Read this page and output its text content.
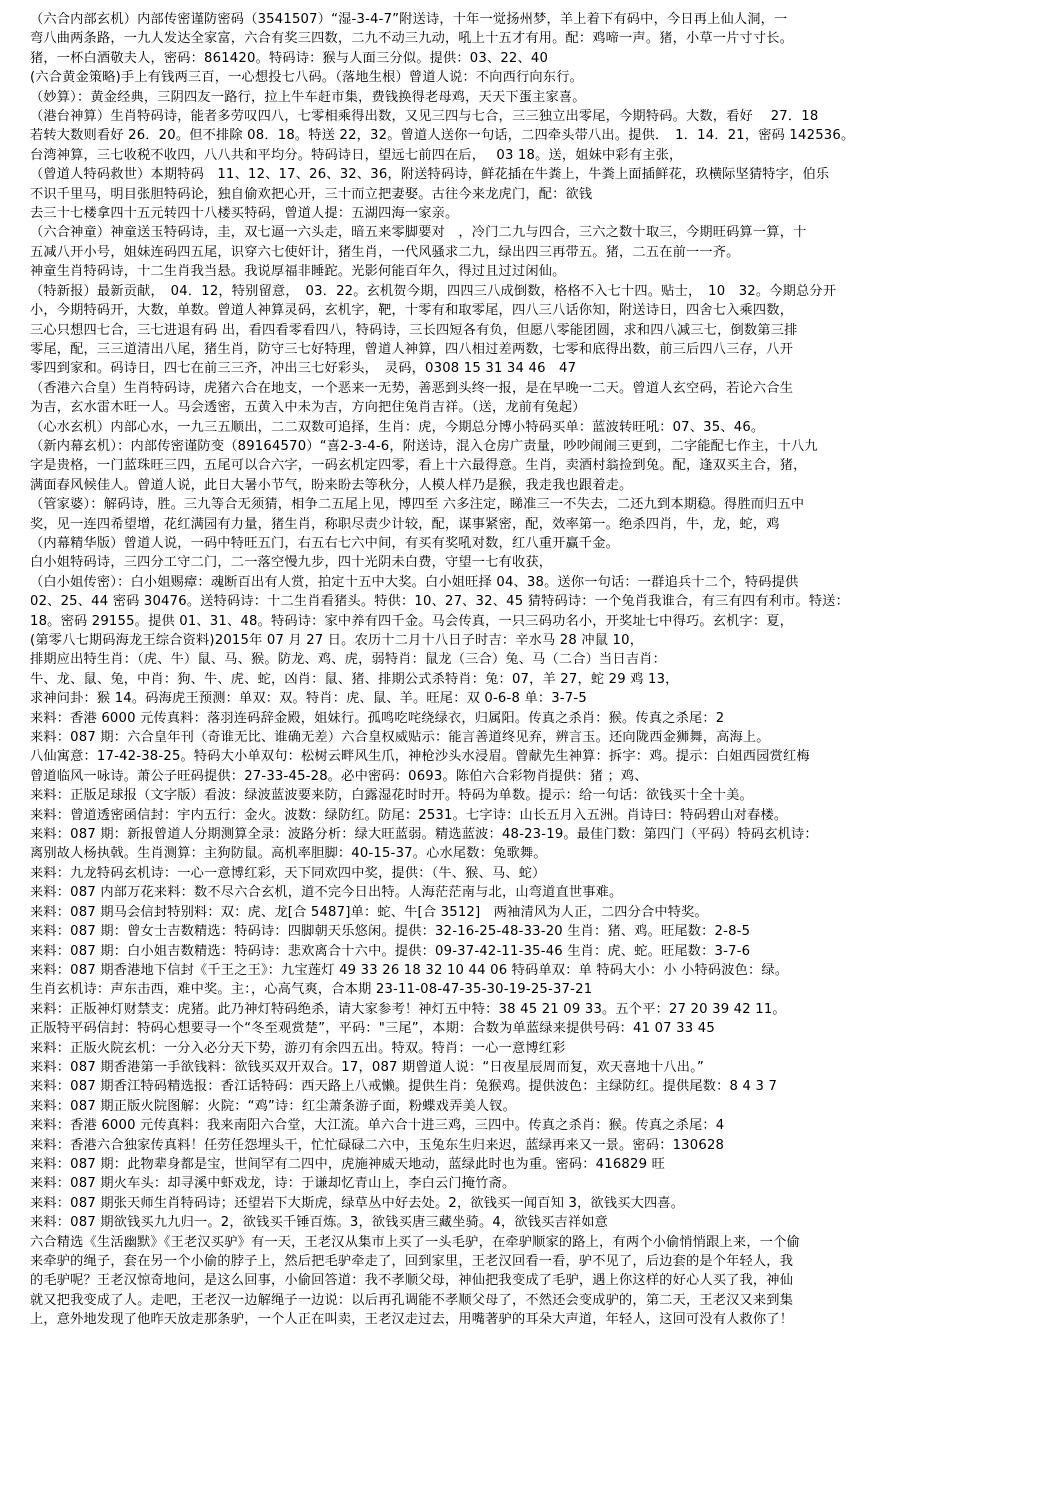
（六合内部玄机）内部传密谨防密码（3541507）“湿-3-4-7”附送诗，十年一觉扬州梦，羊上着下有码中，今日再上仙人洞，一
弯八曲两条路，一九人发达全家富，六合有奖三四数，二九不动三九动，吼上十五才有用。配：鸡啼一声。猪，小草一片寸寸长。
猪，一杯白酒敬夫人，密码：861420。特码诗：猴与人面三分似。提供：03、22、40
(六合黄金策略)手上有钱两三百，一心想投七八码。（落地生根）曾道人说：不向西行向东行。
（妙算）：黄金经典，三阴四友一路行，拉上牛车赶市集，费钱换得老母鸡，天天下蛋主家喜。
（港台神算）生肖特码诗，能者多劳叹四八，七零相乘得出数，又见三四与七合，三三独立出零尾，今期特码。大数，看好　 27．18
若转大数则看好 26．20。但不排除 08．18。特送 22，32。曾道人送你一句话，二四牵头带八出。提供．　1．14．21，密码 142536。
台湾神算，三七收税不收四，八八共和平均分。特码诗日，望远七前四在后，　 03 18。送，姐妹中彩有主张，
（曾道人特码救世）本期特码　11、12、17、26、32、36，附送特码诗，鲜花插在牛粪上，牛粪上面插鲜花，玖横际坚猜特字，伯乐
不识千里马，明目张胆特码论，独自偷欢把心开，三十而立把妻娶。古往今来龙虎门，配：欲钱
去三十七楼拿四十五元转四十八楼买特码，曾道人提：五湖四海一家亲。
（六合神童）神童送玉特码诗，圭，双七逼一六头走，暗五来零脚要对　，冷门二九与四合，三六之数十取三，今期旺码算一算，十
五减八开小号，姐妹连码四五尾，识穿六七使奸计，猪生肖，一代风骚求二九，绿出四三再带五。猪，二五在前一一齐。
神童生肖特码诗，十二生肖我当悬。我说厚福非睡跎。光影何能百年久，得过且过过闲仙。
（特新报）最新贡献，　04．12，特别留意，　03．22。玄机贺今期，四四三八成倒数，格格不入七十四。贴士，　10　32。今期总分开
小，今期特码开，大数，单数。曾道人神算灵码，玄机字，靶，十零有和取零尾，四八三八话你知，附送诗日，四舍七入乘四数，
三心只想四七合，三七进退有码 出，看四看零看四八，特码诗，三长四短各有负，但愿八零能团圆，求和四八减三七，倒数第三排
零尾，配，三三道清出八尾，猪生肖，防守三七好特理，曾道人神算，四八相过差两数，七零和底得出数，前三后四八三存，八开
零四到家和。码诗日，四七在前三三齐，冲出三七好彩头，　灵码，0308 15 31 34 46　47
（香港六合皇）生肖特码诗，虎猪六合在地支，一个恶来一无势，善恶到头终一报，是在早晚一二天。曾道人玄空码，若论六合生
为吉，玄水雷木旺一人。马会透密，五黄入中未为吉，方向把住兔肖吉祥。（送，龙前有兔起）
（心水玄机）内部心水，一九三五顺出，二二双数可追择，生肖：虎，今期总分博小特码买单：蓝波转旺吼：07、35、46。
（新内幕玄机）：内部传密谨防变（89164570）“喜2-3-4-6，附送诗，混入仓房广责量，吵吵闹闹三更到，二字能配七作主，十八九
字是贵格，一门蓝珠旺三四，五尾可以合六字，一码玄机定四零，看上十六最得意。生肖，卖酒村翁捡到兔。配，逢双买主合，猪，
满面春风候佳人。曾道人说，此日大暑小节气，盼来盼去等秋分，人模人样乃是猴，我走我也跟着走。
（管家婆）：解码诗，胜。三九等合无须猜，相争二五尾上见，博四至 六多注定，睇准三一不失去，二还九到本期稳。得胜而归五中
奖，见一连四希望增，花红满园有力量，猪生肖，称职尽责少计较，配，谋事紧密，配，效率第一。绝杀四肖，牛，龙，蛇，鸡
（内幕精华版）曾道人说，一码中特旺五门，右五右七六中间，有买有奖吼对数，红八重开赢千金。
白小姐特码诗，三四分工守二门，二一落空慢九步，四十光阴未白费，守望一七有收获，
（白小姐传密）：白小姐赐瘴：魂断百出有人赏，拍定十五中大奖。白小姐旺择 04、38。送你一句话：一群追兵十二个，特码提供
02、25、44 密码 30476。送特码诗：十二生肖看猪头。特供：10、27、32、45 猜特码诗：一个兔肖我谁合，有三有四有利市。特送：
18。密码 29155。提供 01、31、48。特码诗：家中养有四千金。马会传真，一只三码功名小，开奖址七中得巧。玄机字：夏，
(第零八七期码海龙王综合资料)2015年 07 月 27 日。农历十二月十八日子时吉：辛水马 28 冲鼠 10，
排期应出特生肖：（虎、牛）鼠、马、猴。防龙、鸡、虎，弱特肖：鼠龙（三合）兔、马（二合）当日吉肖：
牛、龙、鼠、兔，中肖：狗、牛、虎、蛇，凶肖：鼠、猪、排期公式杀特肖：兔：07，羊 27，蛇 29 鸡 13，
求神问卦：猴 14。码海虎王预测：单双：双。特肖：虎、鼠、羊。旺尾：双 0-6-8 单：3-7-5
来料：香港 6000 元传真料：落羽连码辞金殿，姐妹行。孤鸣吃咤绕绿衣，归属阳。传真之杀肖：猴。传真之杀尾：2
来料：087 期：六合皇年刊（奇谁无比、谁确无差）六合皇权威贴示：能言善道终见弃，辨言玉。还向陇西金狮舞，高海上。
八仙寓意：17-42-38-25。特码大小单双句：松树云畔风生爪，神枪沙头水浸眉。曾献先生神算：拆字：鸡。提示：白姐西园赏红梅
曾道临风一咏诗。萧公子旺码提供：27-33-45-28。必中密码：0693。陈伯六合彩物肖提供：猪 ；鸡、
来料：正版足球报（文字版）看波：绿波蓝波要来防，白露湿花时时开。特码为单数。提示：给一句话：欲钱买十全十美。
来料：曾道透密函信封：宇内五行：金火。波数：绿防红。防尾：2531。七字诗：山长五月入五洲。肖诗曰：特码碧山对春楼。
来料：087 期：新报曾道人分期测算全录：波路分析：绿大旺蓝弱。精选蓝波：48-23-19。最佳门数：第四门（平码）特码玄机诗：
离别故人杨执戟。生肖测算：主狗防鼠。高机率胆脚：40-15-37。心水尾数：兔歌舞。
来料：九龙特码玄机诗：一心一意博红彩，天下同欢四中奖，提供：（牛、猴、马、蛇）
来料：087 内部万花来料：数不尽六合玄机，道不完今日出特。人海茫茫南与北，山弯道直世事难。
来料：087 期马会信封特别料：双：虎、龙[合 5487]单：蛇、牛[合 3512]　两袖清风为人正，二四分合中特奖。
来料：087 期：曾女士吉数精选：特码诗：四脚朝天乐悠闲。提供：32-16-25-48-33-20 生肖：猪、鸡。旺尾数：2-8-5
来料：087 期：白小姐吉数精选：特码诗：悲欢离合十六中。提供：09-37-42-11-35-46 生肖：虎、蛇。旺尾数：3-7-6
来料：087 期香港地下信封《千王之王》：九宝莲灯 49 33 26 18 32 10 44 06 特码单双：单 特码大小：小 小特码波色：绿。
生肖玄机诗：声东击西，难中奖。主：，心高气爽，合本期 23-11-08-47-35-30-19-25-37-21
来料：正版神灯财禁支：虎猪。此乃神灯特码绝杀，请大家参考！神灯五中特：38 45 21 09 33。五个平：27 20 39 42 11。
正版特平码信封：特码心想要寻一个“冬至观赏楚”，平码："三尾”，本期：合数为单蓝绿来提供号码：41 07 33 45
来料：正版火院玄机：一分入必分天下势，游刃有余四五出。特双。特肖：一心一意博红彩
来料：087 期香港第一手欲钱料：欲钱买双开双合。17，087 期曾道人说：“日夜星辰周而复，欢天喜地十八出。”
来料：087 期香江特码精选报：香江话特码：西天路上八戒懒。提供生肖：兔猴鸡。提供波色：主绿防红。提供尾数：8 4 3 7
来料：087 期正版火院图解：火院：“鸡”诗：红尘萧条游子面，粉蝶戏弄美人钗。
来料：香港 6000 元传真料：我来南阳六合堂，大江流。单六合十进三鸡，三四中。传真之杀肖：猴。传真之杀尾：4
来料：香港六合独家传真料！任劳任怨埋头干，忙忙碌碌二六中，玉兔东生归来迟，蓝绿再来又一景。密码：130628
来料：087 期：此物辈身都是宝，世间罕有二四中，虎施神威天地动，蓝绿此时也为重。密码：416829 旺
来料：087 期火车头：却寻溪中虾戏龙，诗：于谦却忆青山上，李白云门掩竹斋。
来料：087 期张天师生肖特码诗；还望岩下大斯虎，绿草丛中好去处。2，欲钱买一闻百知 3，欲钱买大四喜。
来料：087 期欲钱买九九归一。2，欲钱买千锤百炼。3，欲钱买唐三藏坐骑。4，欲钱买吉祥如意
六合精选《生活幽默》《王老汉买驴》有一天，王老汉从集市上买了一头毛驴，在牵驴顺家的路上，有两个小偷悄悄跟上来，一个偷
来牵驴的绳子，套在另一个小偷的脖子上，然后把毛驴牵走了，回到家里，王老汉回看一看，驴不见了，后边套的是个年轻人，我
的毛驴呢？王老汉惊奇地问，是这么回事，小偷回答道：我不孝顺父母，神仙把我变成了毛驴，遇上你这样的好心人买了我，神仙
就又把我变成了人。走吧，王老汉一边解绳子一边说：以后再孔调能不孝顺父母了，不然还会变成驴的，第二天，王老汉又来到集
上，意外地发现了他昨天放走那条驴，一个人正在叫卖，王老汉走过去，用嘴著驴的耳朵大声道，年轻人，这回可没有人救你了！
